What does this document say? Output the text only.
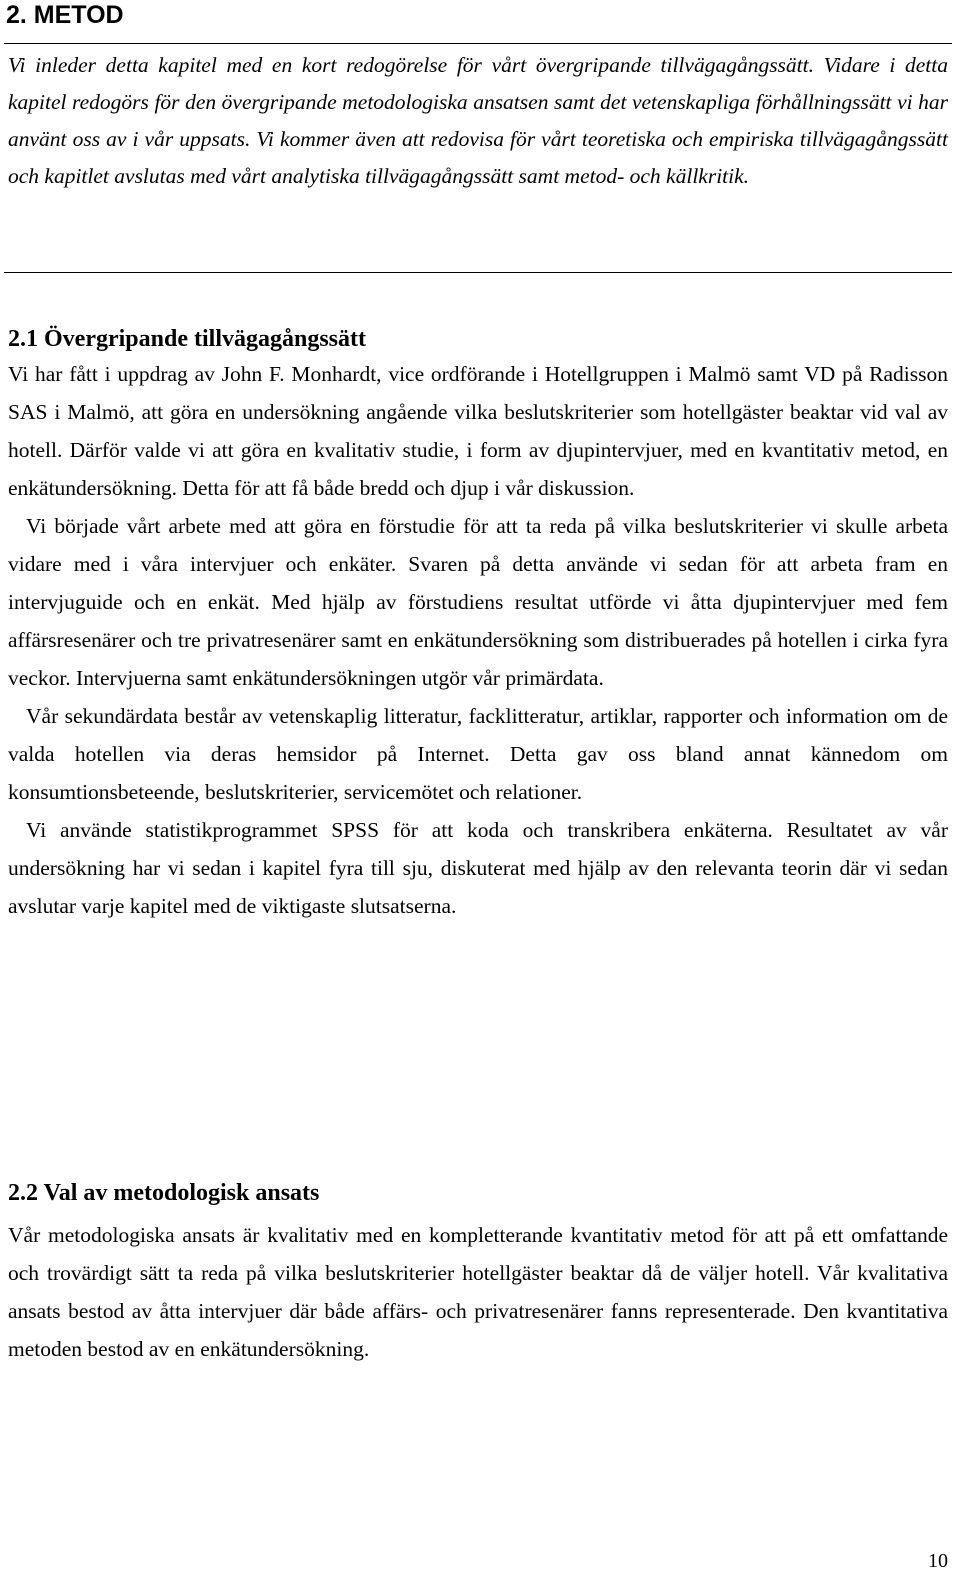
2. METOD

Vi inleder detta kapitel med en kort redogörelse för vårt övergripande tillvägagångssätt. Vidare i detta kapitel redogörs för den övergripande metodologiska ansatsen samt det vetenskapliga förhållningssätt vi har använt oss av i vår uppsats. Vi kommer även att redovisa för vårt teoretiska och empiriska tillvägagångssätt och kapitlet avslutas med vårt analytiska tillvägagångssätt samt metod- och källkritik.

2.1 Övergripande tillvägagångssätt

Vi har fått i uppdrag av John F. Monhardt, vice ordförande i Hotellgruppen i Malmö samt VD på Radisson SAS i Malmö, att göra en undersökning angående vilka beslutskriterier som hotellgäster beaktar vid val av hotell. Därför valde vi att göra en kvalitativ studie, i form av djupintervjuer, med en kvantitativ metod, en enkätundersökning. Detta för att få både bredd och djup i vår diskussion.

Vi började vårt arbete med att göra en förstudie för att ta reda på vilka beslutskriterier vi skulle arbeta vidare med i våra intervjuer och enkäter. Svaren på detta använde vi sedan för att arbeta fram en intervjuguide och en enkät. Med hjälp av förstudiens resultat utförde vi åtta djupintervjuer med fem affärsresenärer och tre privatresenärer samt en enkätundersökning som distribuerades på hotellen i cirka fyra veckor. Intervjuerna samt enkätundersökningen utgör vår primärdata.

Vår sekundärdata består av vetenskaplig litteratur, facklitteratur, artiklar, rapporter och information om de valda hotellen via deras hemsidor på Internet. Detta gav oss bland annat kännedom om konsumtionsbeteende, beslutskriterier, servicemötet och relationer.

Vi använde statistikprogrammet SPSS för att koda och transkribera enkäterna. Resultatet av vår undersökning har vi sedan i kapitel fyra till sju, diskuterat med hjälp av den relevanta teorin där vi sedan avslutar varje kapitel med de viktigaste slutsatserna.

2.2 Val av metodologisk ansats

Vår metodologiska ansats är kvalitativ med en kompletterande kvantitativ metod för att på ett omfattande och trovärdigt sätt ta reda på vilka beslutskriterier hotellgäster beaktar då de väljer hotell. Vår kvalitativa ansats bestod av åtta intervjuer där både affärs- och privatresenärer fanns representerade. Den kvantitativa metoden bestod av en enkätundersökning.

10
